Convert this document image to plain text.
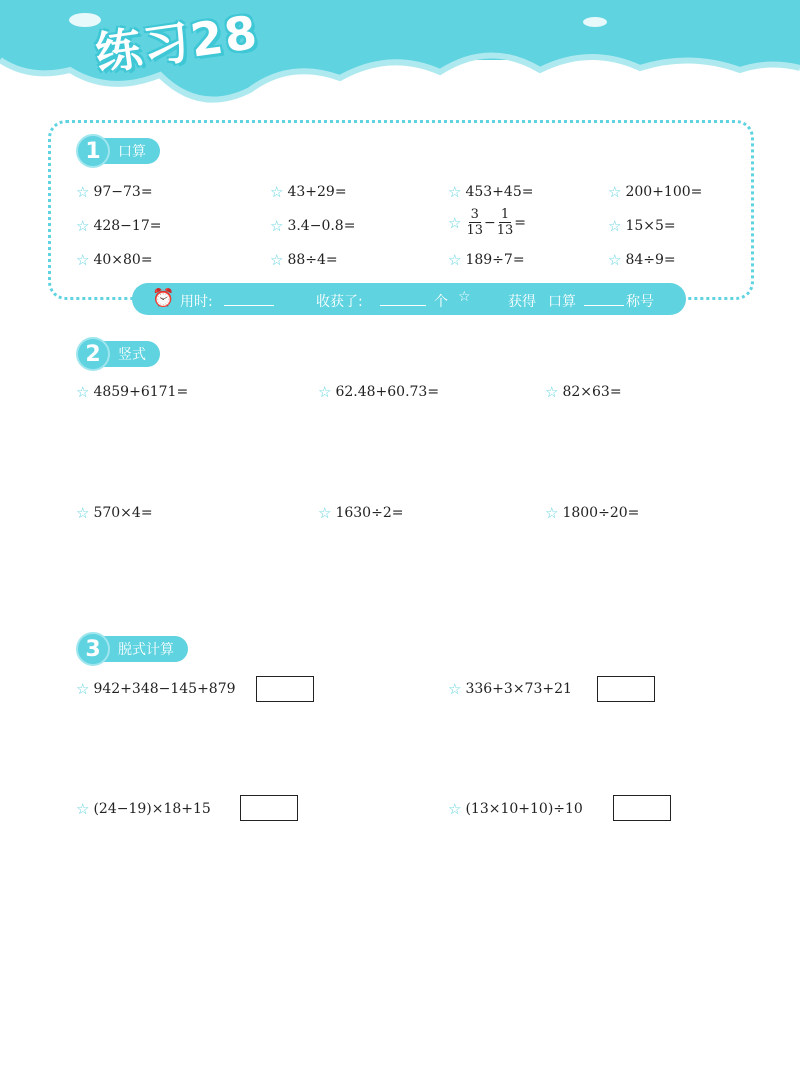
练习28
1	口算
☆ 97−73=	☆ 43+29=	☆ 453+45=	☆ 200+100=
☆ 428−17=	☆ 3.4−0.8=	☆ $\frac{3}{13} - \frac{1}{13}$ =	☆ 15×5=
☆ 40×80=	☆ 88÷4=	☆ 189÷7=	☆ 84÷9=
⏰ 用时:	收获了:	个 ☆	获得 口算	称号
2	竖式
☆ 4859+6171=	☆ 62.48+60.73=	☆ 82×63=
☆ 570×4=	☆ 1630÷2=	☆ 1800÷20=
3	脱式计算
☆ 942+348−145+879	☆ 336+3×73+21
☆ (24−19)×18+15	☆ (13×10+10)÷10
